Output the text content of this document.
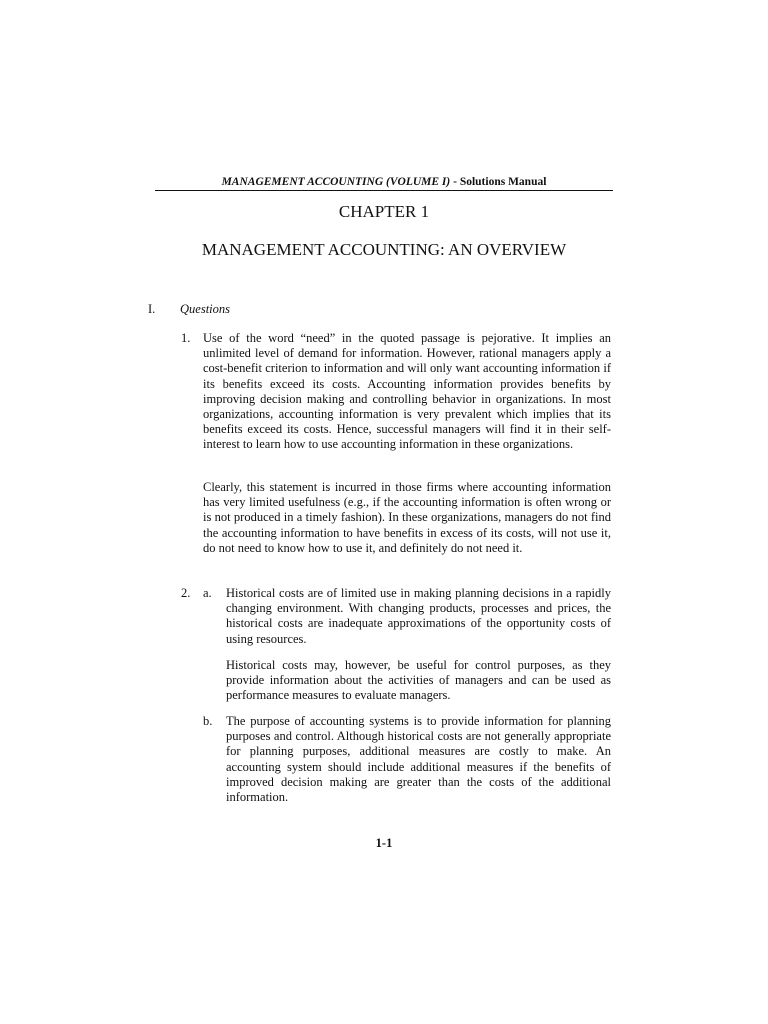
MANAGEMENT ACCOUNTING (VOLUME I) - Solutions Manual
CHAPTER 1
MANAGEMENT ACCOUNTING: AN OVERVIEW
I. Questions
1. Use of the word “need” in the quoted passage is pejorative. It implies an unlimited level of demand for information. However, rational managers apply a cost-benefit criterion to information and will only want accounting information if its benefits exceed its costs. Accounting information provides benefits by improving decision making and controlling behavior in organizations. In most organizations, accounting information is very prevalent which implies that its benefits exceed its costs. Hence, successful managers will find it in their self-interest to learn how to use accounting information in these organizations.

Clearly, this statement is incurred in those firms where accounting information has very limited usefulness (e.g., if the accounting information is often wrong or is not produced in a timely fashion). In these organizations, managers do not find the accounting information to have benefits in excess of its costs, will not use it, do not need to know how to use it, and definitely do not need it.

2. a. Historical costs are of limited use in making planning decisions in a rapidly changing environment. With changing products, processes and prices, the historical costs are inadequate approximations of the opportunity costs of using resources.

Historical costs may, however, be useful for control purposes, as they provide information about the activities of managers and can be used as performance measures to evaluate managers.

b. The purpose of accounting systems is to provide information for planning purposes and control. Although historical costs are not generally appropriate for planning purposes, additional measures are costly to make. An accounting system should include additional measures if the benefits of improved decision making are greater than the costs of the additional information.

1-1
